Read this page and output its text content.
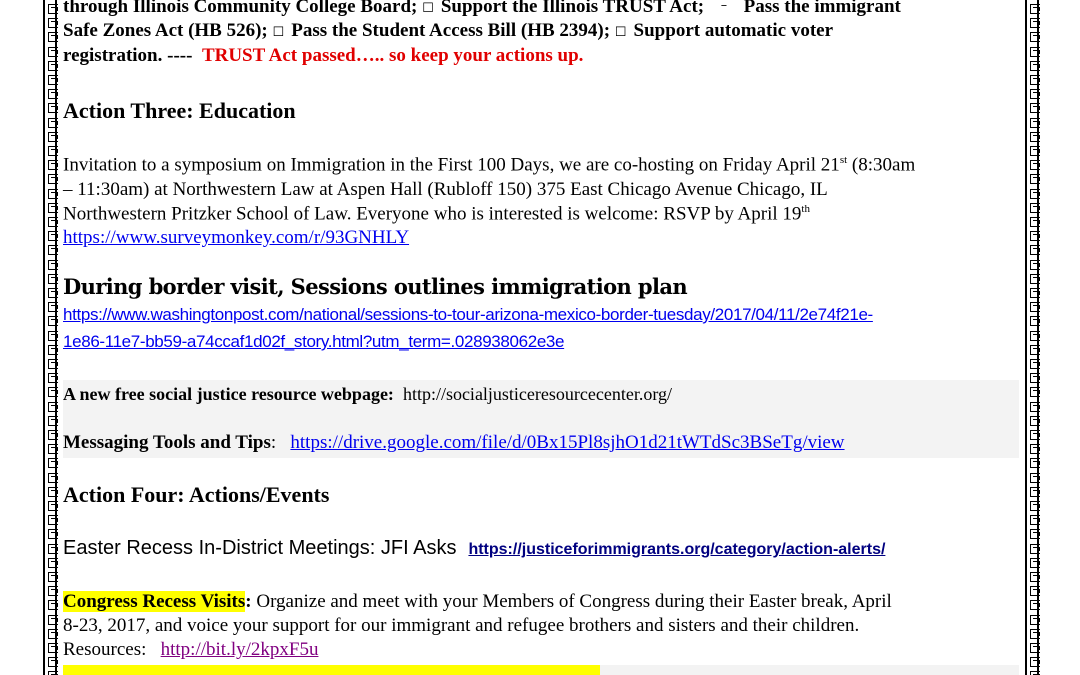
through Illinois Community College Board; ☐ Support the Illinois TRUST Act; ⁻ Pass the immigrant
Safe Zones Act (HB 526); ☐ Pass the Student Access Bill (HB 2394); ☐ Support automatic voter
registration. ---- TRUST Act passed….. so keep your actions up.
Action Three: Education
Invitation to a symposium on Immigration in the First 100 Days, we are co-hosting on Friday April 21st (8:30am
– 11:30am) at Northwestern Law at Aspen Hall (Rubloff 150) 375 East Chicago Avenue Chicago, IL
Northwestern Pritzker School of Law. Everyone who is interested is welcome: RSVP by April 19th
https://www.surveymonkey.com/r/93GNHLY
During border visit, Sessions outlines immigration plan
https://www.washingtonpost.com/national/sessions-to-tour-arizona-mexico-border-tuesday/2017/04/11/2e74f21e-
1e86-11e7-bb59-a74ccaf1d02f_story.html?utm_term=.028938062e3e
A new free social justice resource webpage: http://socialjusticeresourcecenter.org/
Messaging Tools and Tips: https://drive.google.com/file/d/0Bx15Pl8sjhO1d21tWTdSc3BSeTg/view
Action Four: Actions/Events
Easter Recess In-District Meetings: JFI Asks https://justiceforimmigrants.org/category/action-alerts/
Congress Recess Visits: Organize and meet with your Members of Congress during their Easter break, April
8-23, 2017, and voice your support for our immigrant and refugee brothers and sisters and their children.
Resources: http://bit.ly/2kpxF5u
